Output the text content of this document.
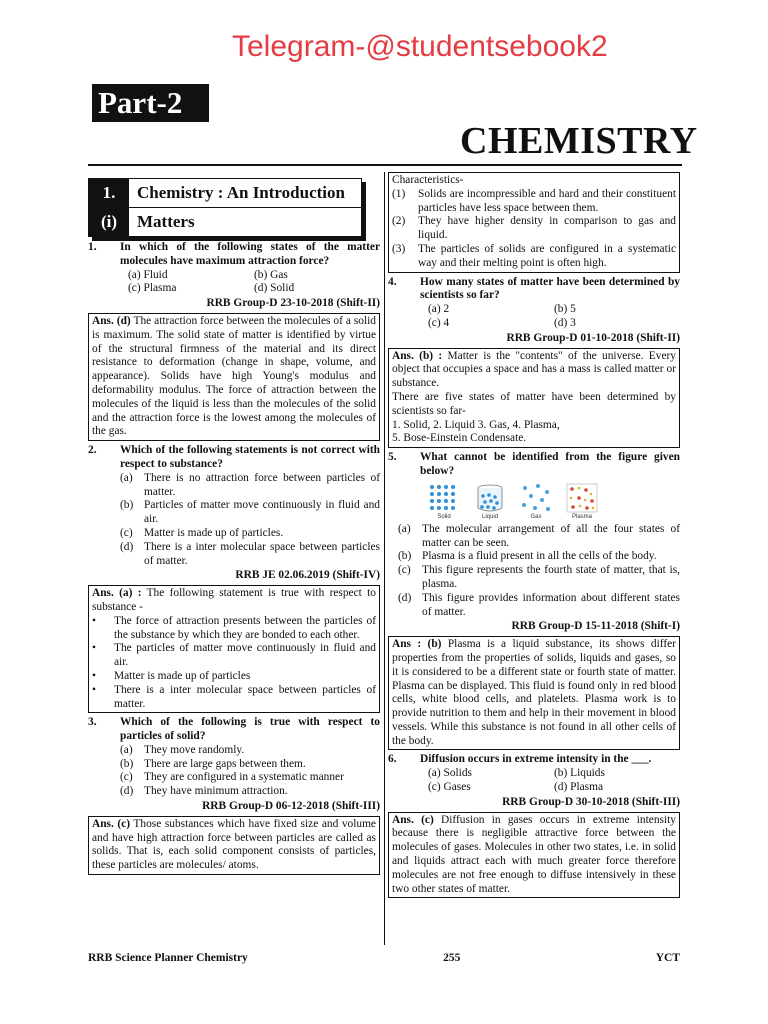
Telegram-@studentsebook2
Part-2
CHEMISTRY
1.	Chemistry : An Introduction
(i)	Matters
1.	In which of the following states of the matter molecules have maximum attraction force?
(a) Fluid	(b) Gas
(c) Plasma	(d) Solid
RRB Group-D 23-10-2018 (Shift-II)
Ans. (d) The attraction force between the molecules of a solid is maximum. The solid state of matter is identified by virtue of the structural firmness of the material and its direct resistance to deformation (change in shape, volume, and appearance). Solids have high Young's modulus and deformability modulus. The force of attraction between the molecules of the liquid is less than the molecules of the solid and the attraction force is the lowest among the molecules of the gas.
2.	Which of the following statements is not correct with respect to substance?
(a) There is no attraction force between particles of matter.
(b) Particles of matter move continuously in fluid and air.
(c) Matter is made up of particles.
(d) There is a inter molecular space between particles of matter.
RRB JE 02.06.2019 (Shift-IV)
Ans. (a) : The following statement is true with respect to substance -
•	The force of attraction presents between the particles of the substance by which they are bonded to each other.
•	The particles of matter move continuously in fluid and air.
•	Matter is made up of particles
•	There is a inter molecular space between particles of matter.
3.	Which of the following is true with respect to particles of solid?
(a) They move randomly.
(b) There are large gaps between them.
(c) They are configured in a systematic manner
(d) They have minimum attraction.
RRB Group-D 06-12-2018 (Shift-III)
Ans. (c) Those substances which have fixed size and volume and have high attraction force between particles are called as solids. That is, each solid component consists of particles, these particles are molecules/ atoms.
Characteristics-
(1)	Solids are incompressible and hard and their constituent particles have less space between them.
(2)	They have higher density in comparison to gas and liquid.
(3)	The particles of solids are configured in a systematic way and their melting point is often high.
4.	How many states of matter have been determined by scientists so far?
(a) 2	(b) 5
(c) 4	(d) 3
RRB Group-D 01-10-2018 (Shift-II)
Ans. (b) : Matter is the "contents" of the universe. Every object that occupies a space and has a mass is called matter or substance.
There are five states of matter have been determined by scientists so far-
1. Solid, 2. Liquid 3. Gas, 4. Plasma,
5. Bose-Einstein Condensate.
5.	What cannot be identified from the figure given below?
Solid	Liquid	Gas	Plasma
(a) The molecular arrangement of all the four states of matter can be seen.
(b) Plasma is a fluid present in all the cells of the body.
(c) This figure represents the fourth state of matter, that is, plasma.
(d) This figure provides information about different states of matter.
RRB Group-D 15-11-2018 (Shift-I)
Ans : (b) Plasma is a liquid substance, its shows differ properties from the properties of solids, liquids and gases, so it is considered to be a different state or fourth state of matter. Plasma can be displayed. This fluid is found only in red blood cells, white blood cells, and platelets. Plasma work is to provide nutrition to them and help in their movement in blood vessels. While this substance is not found in all other cells of the body.
6.	Diffusion occurs in extreme intensity in the ___.
(a) Solids	(b) Liquids
(c) Gases	(d) Plasma
RRB Group-D 30-10-2018 (Shift-III)
Ans. (c) Diffusion in gases occurs in extreme intensity because there is negligible attractive force between the molecules of gases. Molecules in other two states, i.e. in solid and liquids attract each with much greater force therefore molecules are not free enough to diffuse intensively in these two other states of matter.
RRB Science Planner Chemistry	255	YCT
